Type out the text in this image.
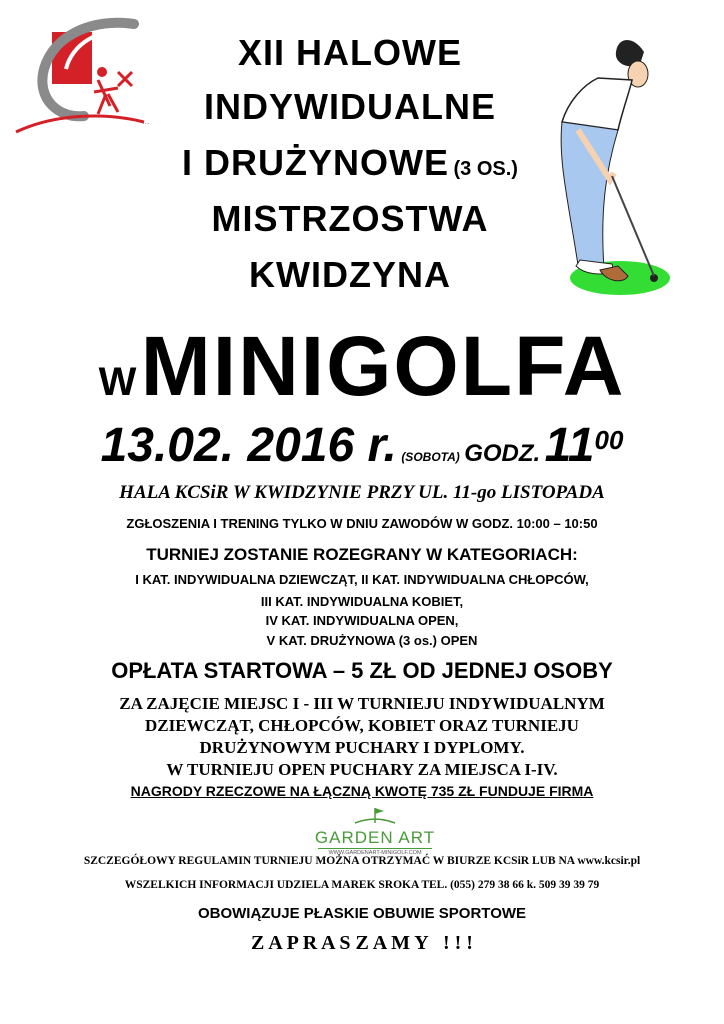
...
XII HALOWE
INDYWIDUALNE
I DRUŻYNOWE (3 OS.)
MISTRZOSTWA
KWIDZYNA
W MINIGOLFA
13.02. 2016 r. (SOBOTA) GODZ. $11^{00}$
HALA KCSiR W KWIDZYNIE PRZY UL. 11-go LISTOPADA
ZGŁOSZENIA I TRENING TYLKO W DNIU ZAWODÓW W GODZ. 10:00 – 10:50
TURNIEJ ZOSTANIE ROZEGRANY W KATEGORIACH:
I KAT. INDYWIDUALNA DZIEWCZĄT, II KAT. INDYWIDUALNA CHŁOPCÓW,
III KAT. INDYWIDUALNA KOBIET,
IV KAT. INDYWIDUALNA OPEN,
V KAT. DRUŻYNOWA (3 os.) OPEN
OPŁATA STARTOWA – 5 ZŁ OD JEDNEJ OSOBY
ZA ZAJĘCIE MIEJSC I - III W TURNIEJU INDYWIDUALNYM
DZIEWCZĄT, CHŁOPCÓW, KOBIET ORAZ TURNIEJU
DRUŻYNOWYM PUCHARY I DYPLOMY.
W TURNIEJU OPEN PUCHARY ZA MIEJSCA I-IV.
NAGRODY RZECZOWE NA ŁĄCZNĄ KWOTĘ 735 ZŁ FUNDUJE FIRMA
GARDEN ART
WWW.GARDENART-MINIGOLF.COM
SZCZEGÓŁOWY REGULAMIN TURNIEJU MOŻNA OTRZYMAĆ W BIURZE KCSiR LUB NA www.kcsir.pl
WSZELKICH INFORMACJI UDZIELA MAREK SROKA TEL. (055) 279 38 66 k. 509 39 39 79
OBOWIĄZUJE PŁASKIE OBUWIE SPORTOWE
Z A P R A S Z A M Y   ! ! !
